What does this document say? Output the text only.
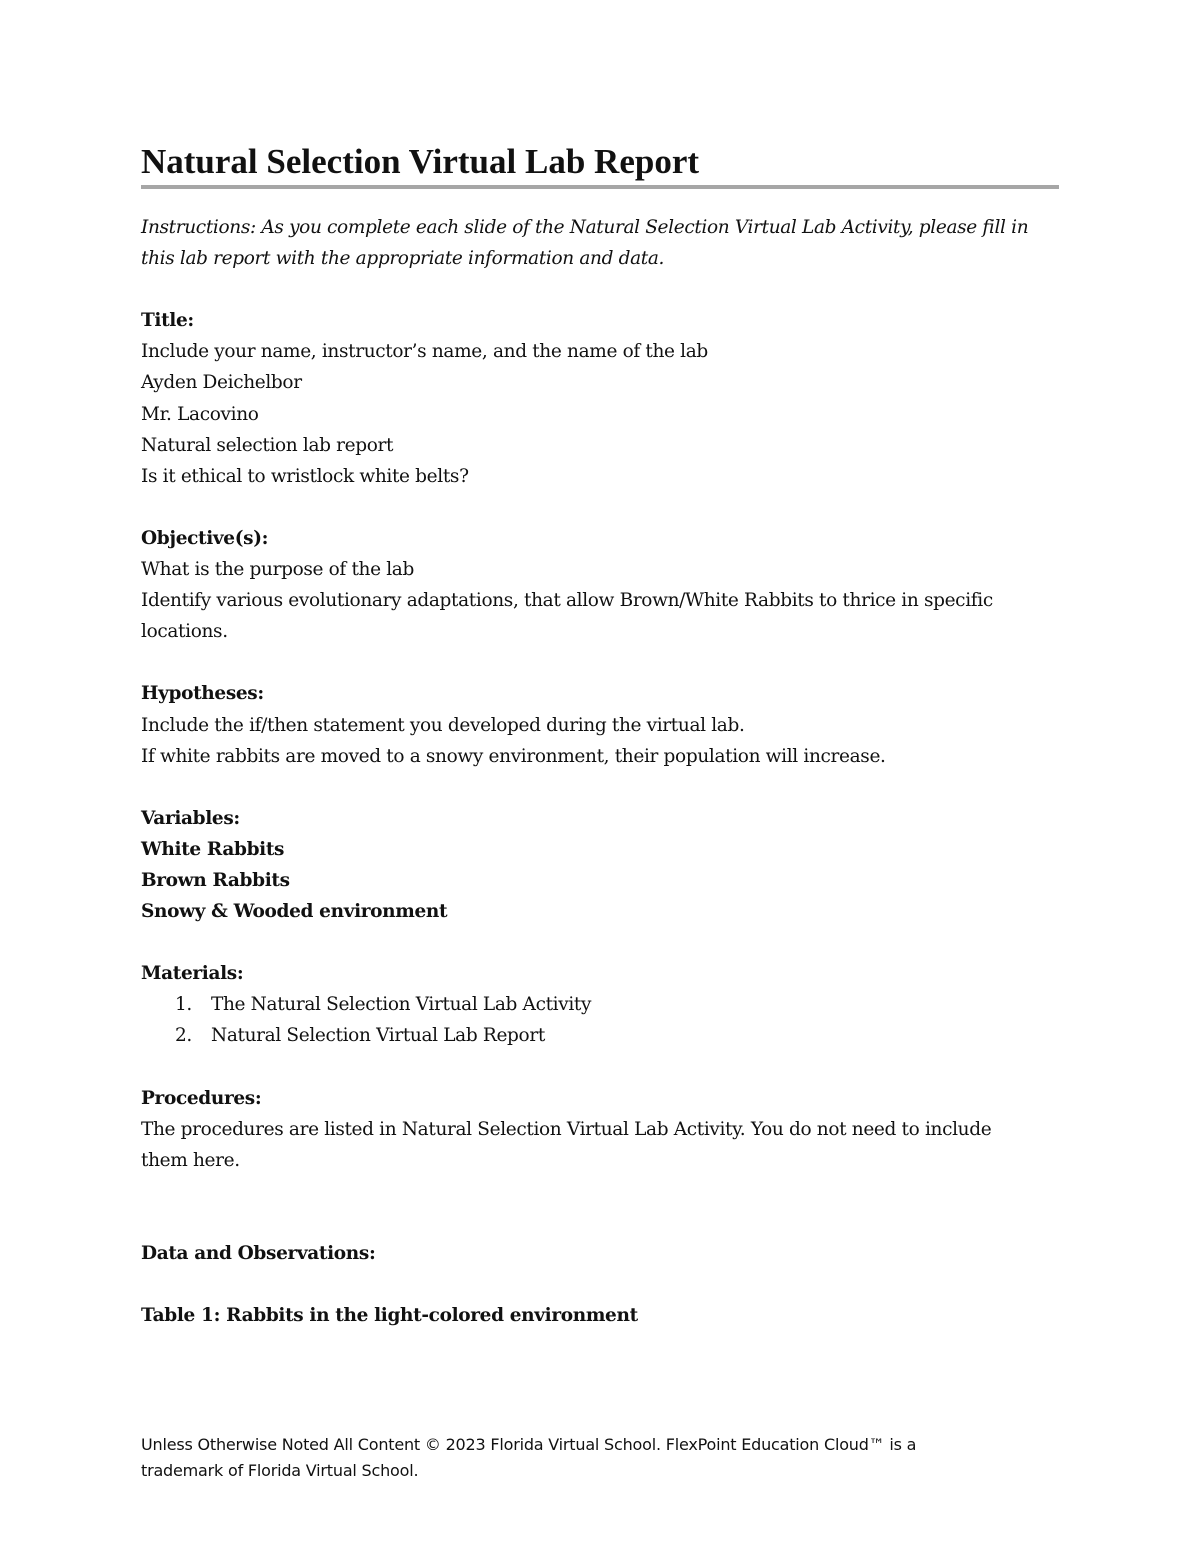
Natural Selection Virtual Lab Report

Instructions: As you complete each slide of the Natural Selection Virtual Lab Activity, please fill in this lab report with the appropriate information and data.

Title:

Include your name, instructor’s name, and the name of the lab

Ayden Deichelbor

Mr. Lacovino

Natural selection lab report

Is it ethical to wristlock white belts?

Objective(s):

What is the purpose of the lab

Identify various evolutionary adaptations, that allow Brown/White Rabbits to thrice in specific

locations.

Hypotheses:

Include the if/then statement you developed during the virtual lab.

If white rabbits are moved to a snowy environment, their population will increase.

Variables:

White Rabbits

Brown Rabbits

Snowy & Wooded environment

Materials:

1. The Natural Selection Virtual Lab Activity
2. Natural Selection Virtual Lab Report

Procedures:

The procedures are listed in Natural Selection Virtual Lab Activity. You do not need to include

them here.

Data and Observations:

Table 1: Rabbits in the light-colored environment

Unless Otherwise Noted All Content © 2023 Florida Virtual School. FlexPoint Education Cloud™ is a
trademark of Florida Virtual School.
